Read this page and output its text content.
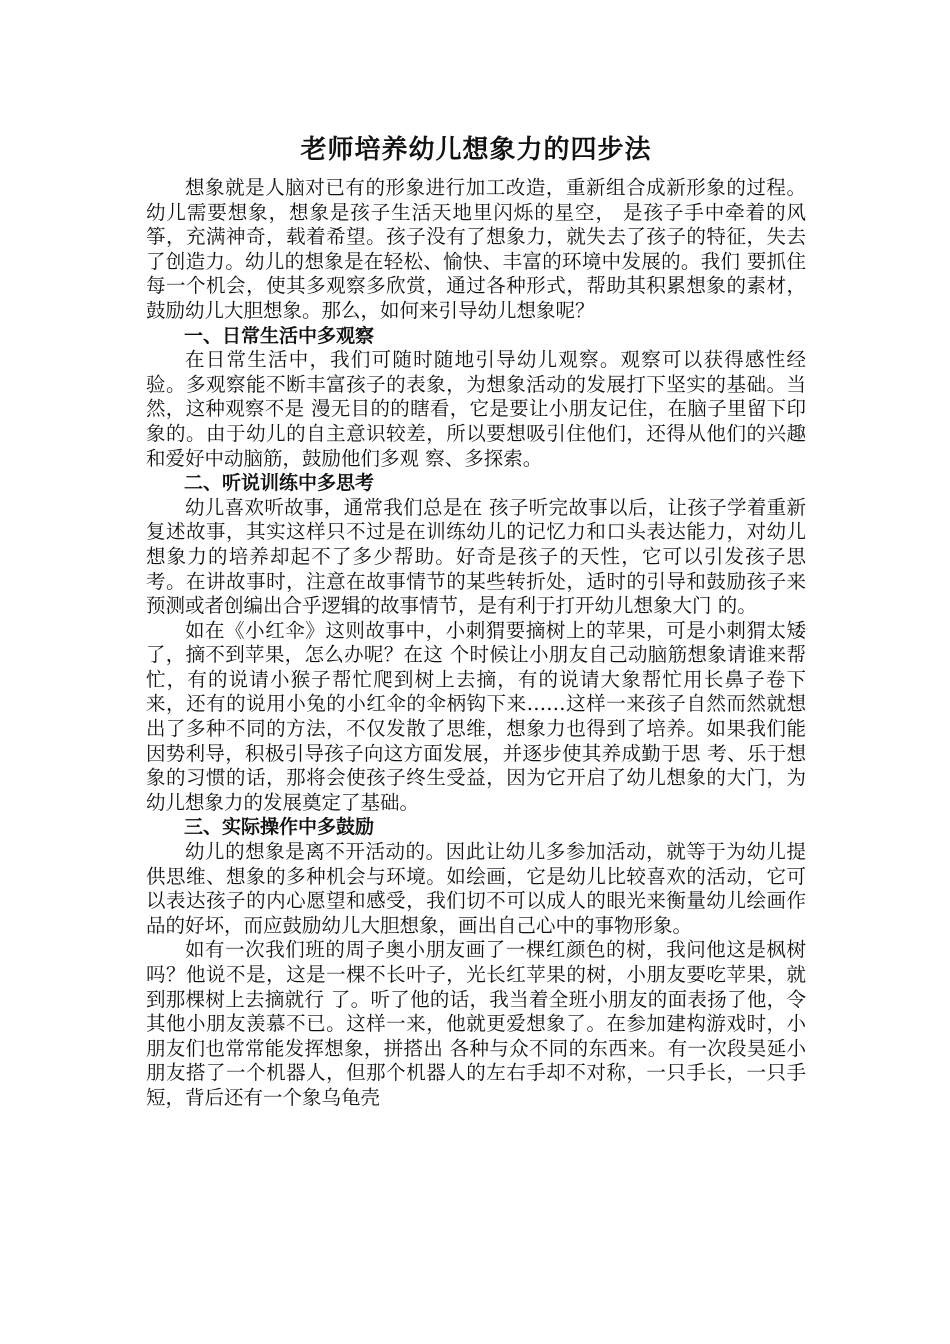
老师培养幼儿想象力的四步法

想象就是人脑对已有的形象进行加工改造，重新组合成新形象的过程。幼儿需要想象，想象是孩子生活天地里闪烁的星空， 是孩子手中牵着的风筝，充满神奇，载着希望。孩子没有了想象力，就失去了孩子的特征，失去了创造力。幼儿的想象是在轻松、愉快、丰富的环境中发展的。我们 要抓住每一个机会，使其多观察多欣赏，通过各种形式，帮助其积累想象的素材，鼓励幼儿大胆想象。那么，如何来引导幼儿想象呢？

一、日常生活中多观察

在日常生活中，我们可随时随地引导幼儿观察。观察可以获得感性经验。多观察能不断丰富孩子的表象，为想象活动的发展打下坚实的基础。当然，这种观察不是 漫无目的的瞎看，它是要让小朋友记住，在脑子里留下印象的。由于幼儿的自主意识较差，所以要想吸引住他们，还得从他们的兴趣和爱好中动脑筋，鼓励他们多观 察、多探索。

二、听说训练中多思考

幼儿喜欢听故事，通常我们总是在 孩子听完故事以后，让孩子学着重新复述故事，其实这样只不过是在训练幼儿的记忆力和口头表达能力，对幼儿想象力的培养却起不了多少帮助。好奇是孩子的天性，它可以引发孩子思考。在讲故事时，注意在故事情节的某些转折处，适时的引导和鼓励孩子来预测或者创编出合乎逻辑的故事情节，是有利于打开幼儿想象大门 的。

如在《小红伞》这则故事中，小刺猬要摘树上的苹果，可是小刺猬太矮了，摘不到苹果，怎么办呢？在这 个时候让小朋友自己动脑筋想象请谁来帮忙，有的说请小猴子帮忙爬到树上去摘，有的说请大象帮忙用长鼻子卷下来，还有的说用小兔的小红伞的伞柄钩下来……这样一来孩子自然而然就想出了多种不同的方法，不仅发散了思维，想象力也得到了培养。如果我们能因势利导，积极引导孩子向这方面发展，并逐步使其养成勤于思 考、乐于想象的习惯的话，那将会使孩子终生受益，因为它开启了幼儿想象的大门，为幼儿想象力的发展奠定了基础。

三、实际操作中多鼓励

幼儿的想象是离不开活动的。因此让幼儿多参加活动，就等于为幼儿提供思维、想象的多种机会与环境。如绘画，它是幼儿比较喜欢的活动，它可以表达孩子的内心愿望和感受，我们切不可以成人的眼光来衡量幼儿绘画作品的好坏，而应鼓励幼儿大胆想象，画出自己心中的事物形象。

如有一次我们班的周子奥小朋友画了一棵红颜色的树，我问他这是枫树吗？他说不是，这是一棵不长叶子，光长红苹果的树，小朋友要吃苹果，就到那棵树上去摘就行 了。听了他的话，我当着全班小朋友的面表扬了他，令其他小朋友羡慕不已。这样一来，他就更爱想象了。在参加建构游戏时，小朋友们也常常能发挥想象，拼搭出 各种与众不同的东西来。有一次段昊延小朋友搭了一个机器人，但那个机器人的左右手却不对称，一只手长，一只手短，背后还有一个象乌龟壳
